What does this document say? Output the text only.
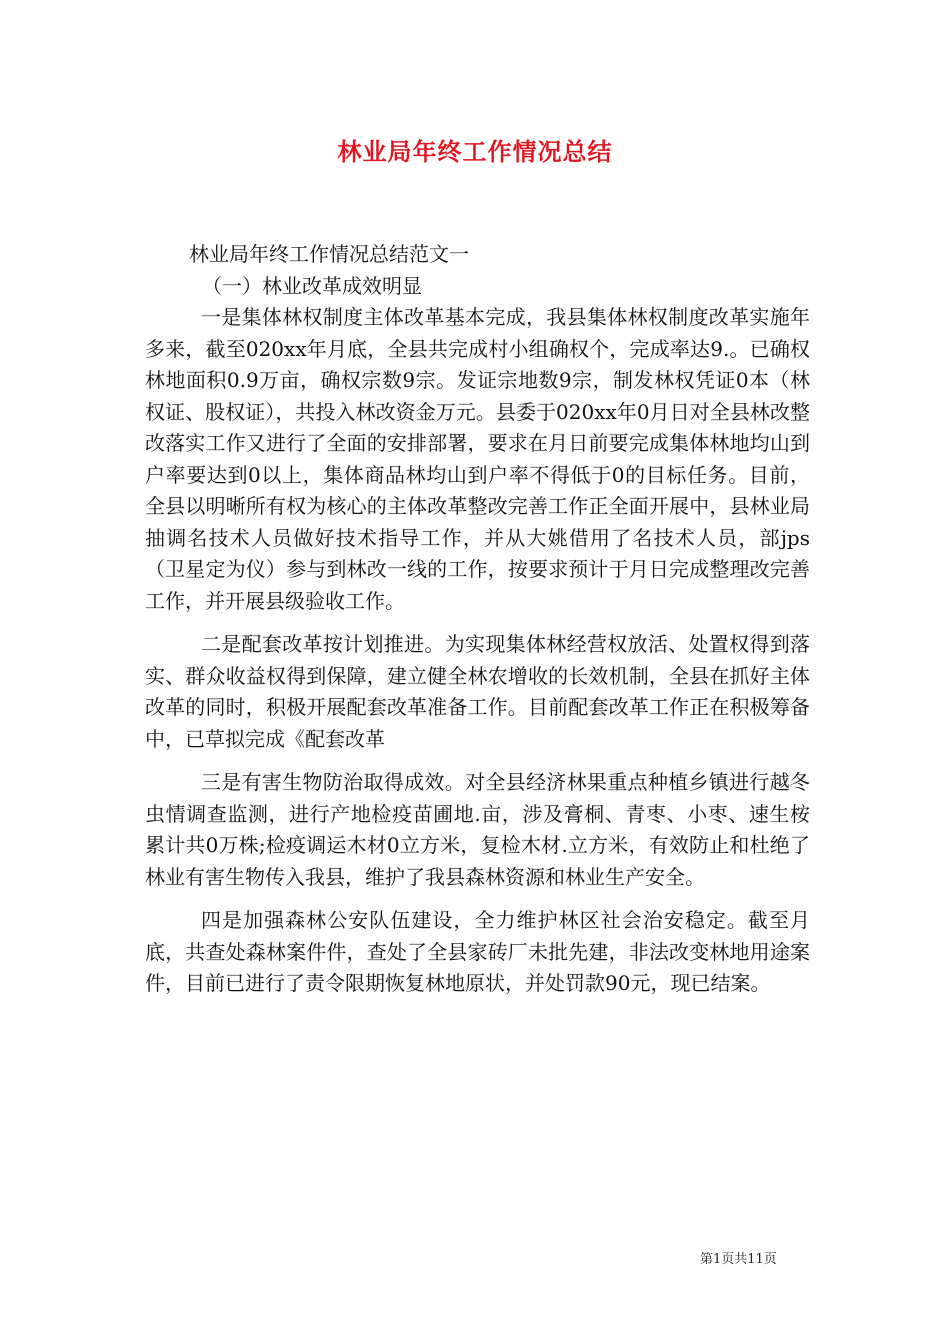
林业局年终工作情况总结

林业局年终工作情况总结范文一

（一）林业改革成效明显

一是集体林权制度主体改革基本完成，我县集体林权制度改革实施年多来，截至020xx年月底，全县共完成村小组确权个，完成率达9.。已确权林地面积0.9万亩，确权宗数9宗。发证宗地数9宗，制发林权凭证0本（林权证、股权证），共投入林改资金万元。县委于020xx年0月日对全县林改整改落实工作又进行了全面的安排部署，要求在月日前要完成集体林地均山到户率要达到0以上，集体商品林均山到户率不得低于0的目标任务。目前，全县以明晰所有权为核心的主体改革整改完善工作正全面开展中，县林业局抽调名技术人员做好技术指导工作，并从大姚借用了名技术人员，部jps（卫星定为仪）参与到林改一线的工作，按要求预计于月日完成整理改完善工作，并开展县级验收工作。

二是配套改革按计划推进。为实现集体林经营权放活、处置权得到落实、群众收益权得到保障，建立健全林农增收的长效机制，全县在抓好主体改革的同时，积极开展配套改革准备工作。目前配套改革工作正在积极筹备中，已草拟完成《配套改革

三是有害生物防治取得成效。对全县经济林果重点种植乡镇进行越冬虫情调查监测，进行产地检疫苗圃地.亩，涉及膏桐、青枣、小枣、速生桉累计共0万株;检疫调运木材0立方米，复检木材.立方米，有效防止和杜绝了林业有害生物传入我县，维护了我县森林资源和林业生产安全。

四是加强森林公安队伍建设，全力维护林区社会治安稳定。截至月底，共查处森林案件件，查处了全县家砖厂未批先建，非法改变林地用途案件，目前已进行了责令限期恢复林地原状，并处罚款90元，现已结案。

第1页共11页
